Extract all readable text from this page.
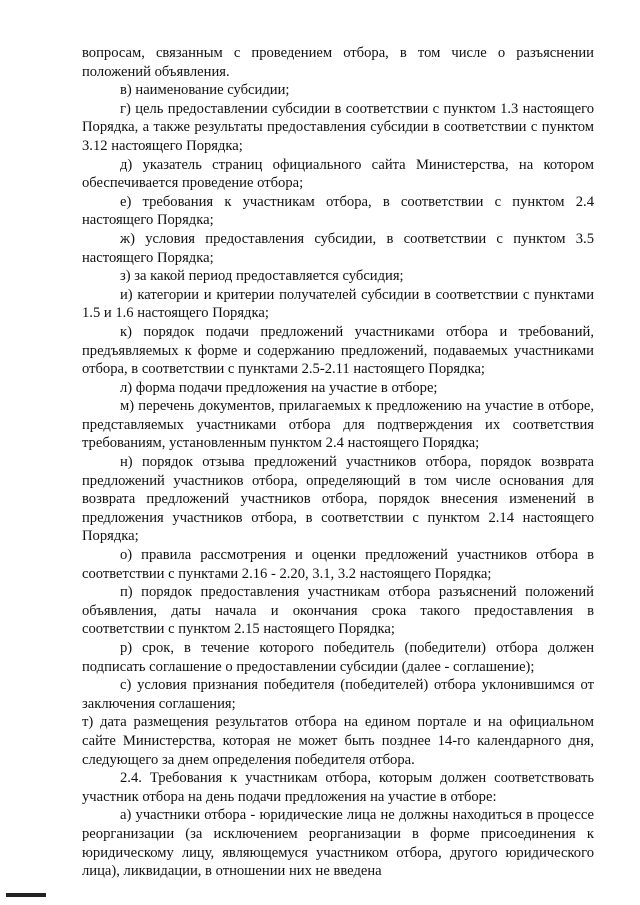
вопросам, связанным с проведением отбора, в том числе о разъяснении положений объявления.

в) наименование субсидии;

г) цель предоставлении субсидии в соответствии с пунктом 1.3 настоящего Порядка, а также результаты предоставления субсидии в соответствии с пунктом 3.12 настоящего Порядка;

д) указатель страниц официального сайта Министерства, на котором обеспечивается проведение отбора;

е) требования к участникам отбора, в соответствии с пунктом 2.4 настоящего Порядка;

ж) условия предоставления субсидии, в соответствии с пунктом 3.5 настоящего Порядка;

з) за какой период предоставляется субсидия;

и) категории и критерии получателей субсидии в соответствии с пунктами 1.5 и 1.6 настоящего Порядка;

к) порядок подачи предложений участниками отбора и требований, предъявляемых к форме и содержанию предложений, подаваемых участниками отбора, в соответствии с пунктами 2.5-2.11 настоящего Порядка;

л) форма подачи предложения на участие в отборе;

м) перечень документов, прилагаемых к предложению на участие в отборе, представляемых участниками отбора для подтверждения их соответствия требованиям, установленным пунктом 2.4 настоящего Порядка;

н) порядок отзыва предложений участников отбора, порядок возврата предложений участников отбора, определяющий в том числе основания для возврата предложений участников отбора, порядок внесения изменений в предложения участников отбора, в соответствии с пунктом 2.14 настоящего Порядка;

о) правила рассмотрения и оценки предложений участников отбора в соответствии с пунктами 2.16 - 2.20, 3.1, 3.2 настоящего Порядка;

п) порядок предоставления участникам отбора разъяснений положений объявления, даты начала и окончания срока такого предоставления в соответствии с пунктом 2.15 настоящего Порядка;

р) срок, в течение которого победитель (победители) отбора должен подписать соглашение о предоставлении субсидии (далее - соглашение);

с) условия признания победителя (победителей) отбора уклонившимся от заключения соглашения;

т) дата размещения результатов отбора на едином портале и на официальном сайте Министерства, которая не может быть позднее 14-го календарного дня, следующего за днем определения победителя отбора.

2.4. Требования к участникам отбора, которым должен соответствовать участник отбора на день подачи предложения на участие в отборе:

а) участники отбора - юридические лица не должны находиться в процессе реорганизации (за исключением реорганизации в форме присоединения к юридическому лицу, являющемуся участником отбора, другого юридического лица), ликвидации, в отношении них не введена
